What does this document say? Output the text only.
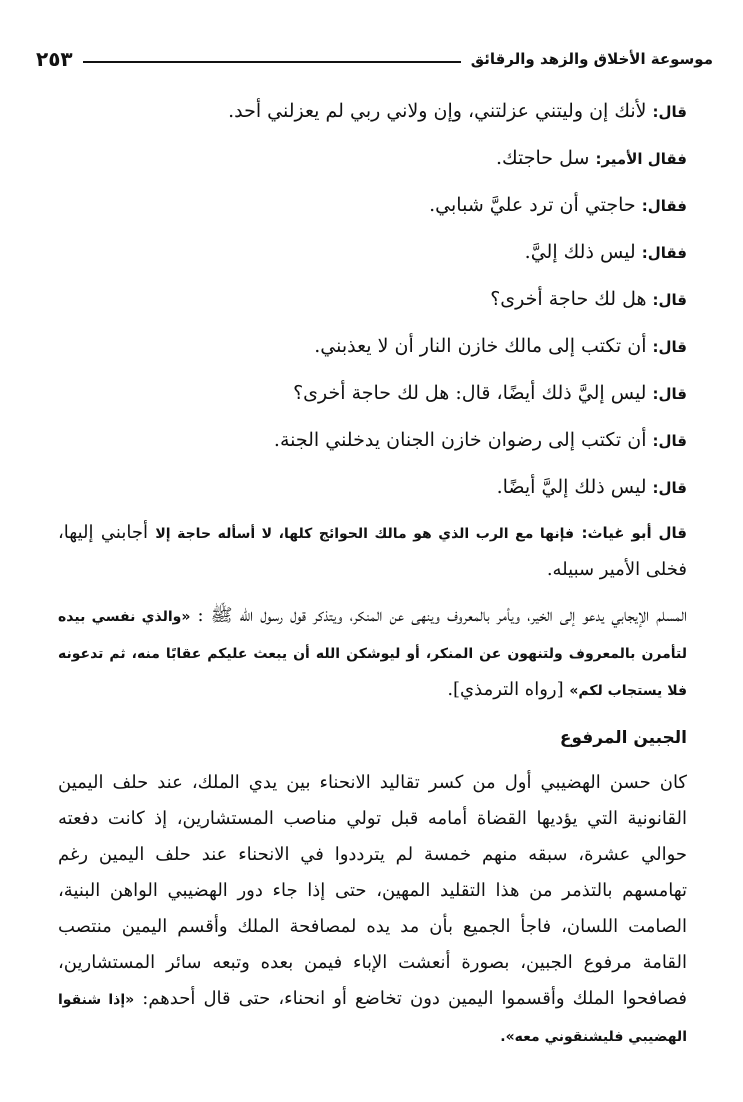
موسوعة الأخلاق والزهد والرقائق
٢٥٣
قال: لأنك إن وليتني عزلتني، وإن ولاني ربي لم يعزلني أحد.
فقال الأمير: سل حاجتك.
فقال: حاجتي أن ترد عليَّ شبابي.
فقال: ليس ذلك إليَّ.
قال: هل لك حاجة أخرى؟
قال: أن تكتب إلى مالك خازن النار أن لا يعذبني.
قال: ليس إليَّ ذلك أيضًا، قال: هل لك حاجة أخرى؟
قال: أن تكتب إلى رضوان خازن الجنان يدخلني الجنة.
قال: ليس ذلك إليَّ أيضًا.

قال أبو غياث: فإنها مع الرب الذي هو مالك الحوائج كلها، لا أسأله حاجة إلا أجابني إليها، فخلى الأمير سبيله.

المسلم الإيجابي يدعو إلى الخير، ويأمر بالمعروف وينهى عن المنكر، ويتذكر قول رسول الله ﷺ : «والذي نفسي بيده لتأمرن بالمعروف ولتنهون عن المنكر، أو ليوشكن الله أن يبعث عليكم عقابًا منه، ثم تدعونه فلا يستجاب لكم» [رواه الترمذي].

الجبين المرفوع

كان حسن الهضيبي أول من كسر تقاليد الانحناء بين يدي الملك، عند حلف اليمين القانونية التي يؤديها القضاة أمامه قبل تولي مناصب المستشارين، إذ كانت دفعته حوالي عشرة، سبقه منهم خمسة لم يترددوا في الانحناء عند حلف اليمين رغم تهامسهم بالتذمر من هذا التقليد المهين، حتى إذا جاء دور الهضيبي الواهن البنية، الصامت اللسان، فاجأ الجميع بأن مد يده لمصافحة الملك وأقسم اليمين منتصب القامة مرفوع الجبين، بصورة أنعشت الإباء فيمن بعده وتبعه سائر المستشارين، فصافحوا الملك وأقسموا اليمين دون تخاضع أو انحناء، حتى قال أحدهم: «إذا شنقوا الهضيبي فليشنقوني معه».
